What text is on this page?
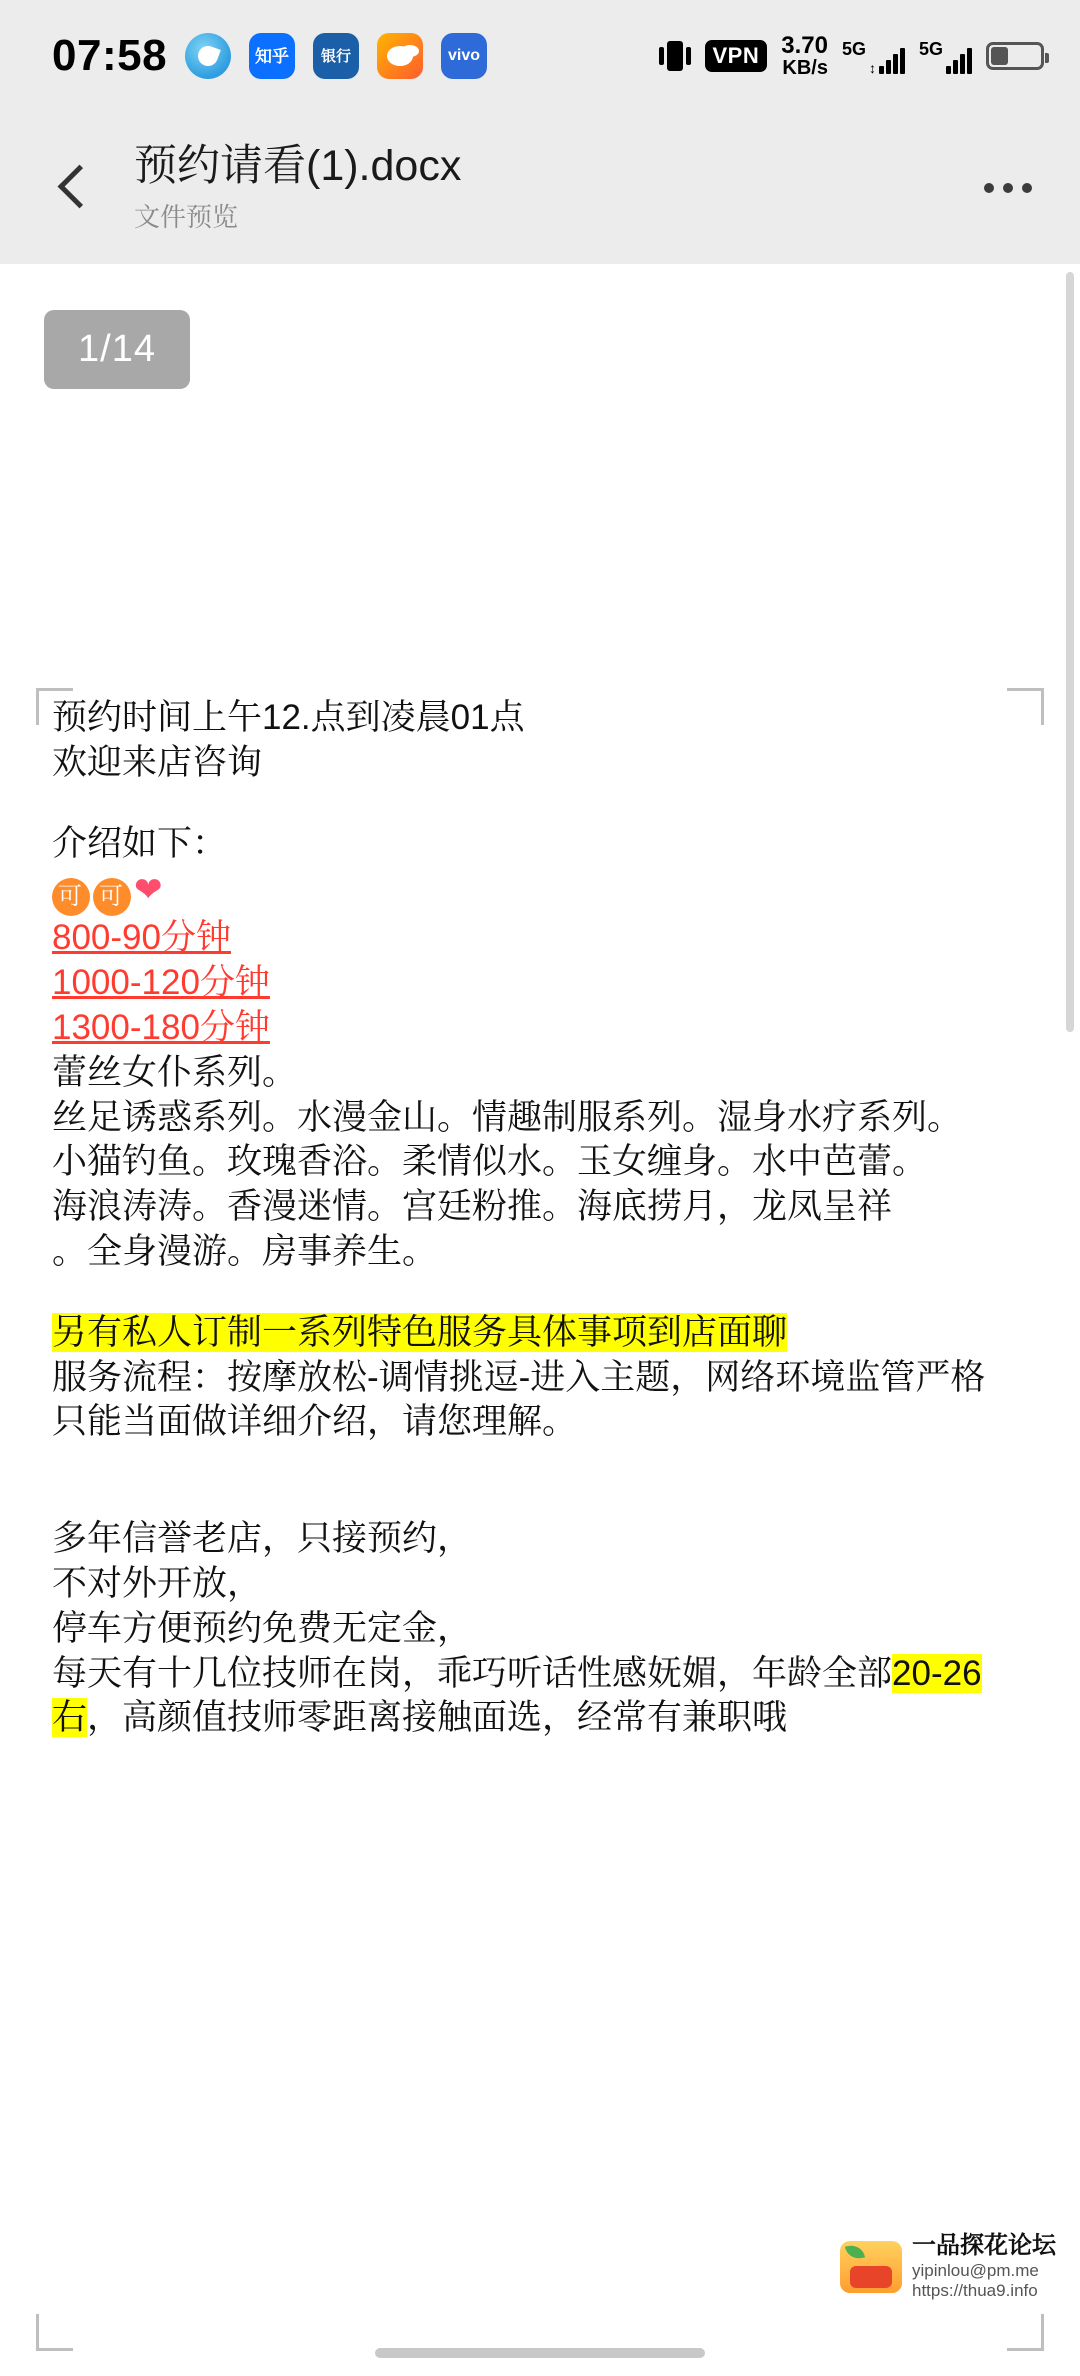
07:58	知乎	银行	vivo	VPN 3.70
KB/s
5G
↕
5G
预约请看(1).docx
文件预览
1/14

预约时间上午12.点到凌晨01点

欢迎来店咨询

介绍如下：

可 可 ❤

800-90分钟

1000-120分钟

1300-180分钟

蕾丝女仆系列。

丝足诱惑系列。水漫金山。情趣制服系列。湿身水疗系列。

小猫钓鱼。玫瑰香浴。柔情似水。玉女缠身。水中芭蕾。

海浪涛涛。香漫迷情。宫廷粉推。海底捞月，龙凤呈祥

。全身漫游。房事养生。

另有私人订制一系列特色服务具体事项到店面聊

服务流程：按摩放松-调情挑逗-进入主题，网络环境监管严格

只能当面做详细介绍，请您理解。

多年信誉老店，只接预约，

不对外开放，

停车方便预约免费无定金，

每天有十几位技师在岗，乖巧听话性感妩媚，年龄全部20-26

右，高颜值技师零距离接触面选，经常有兼职哦

一品探花论坛
yipinlou@pm.me
https://thua9.info
